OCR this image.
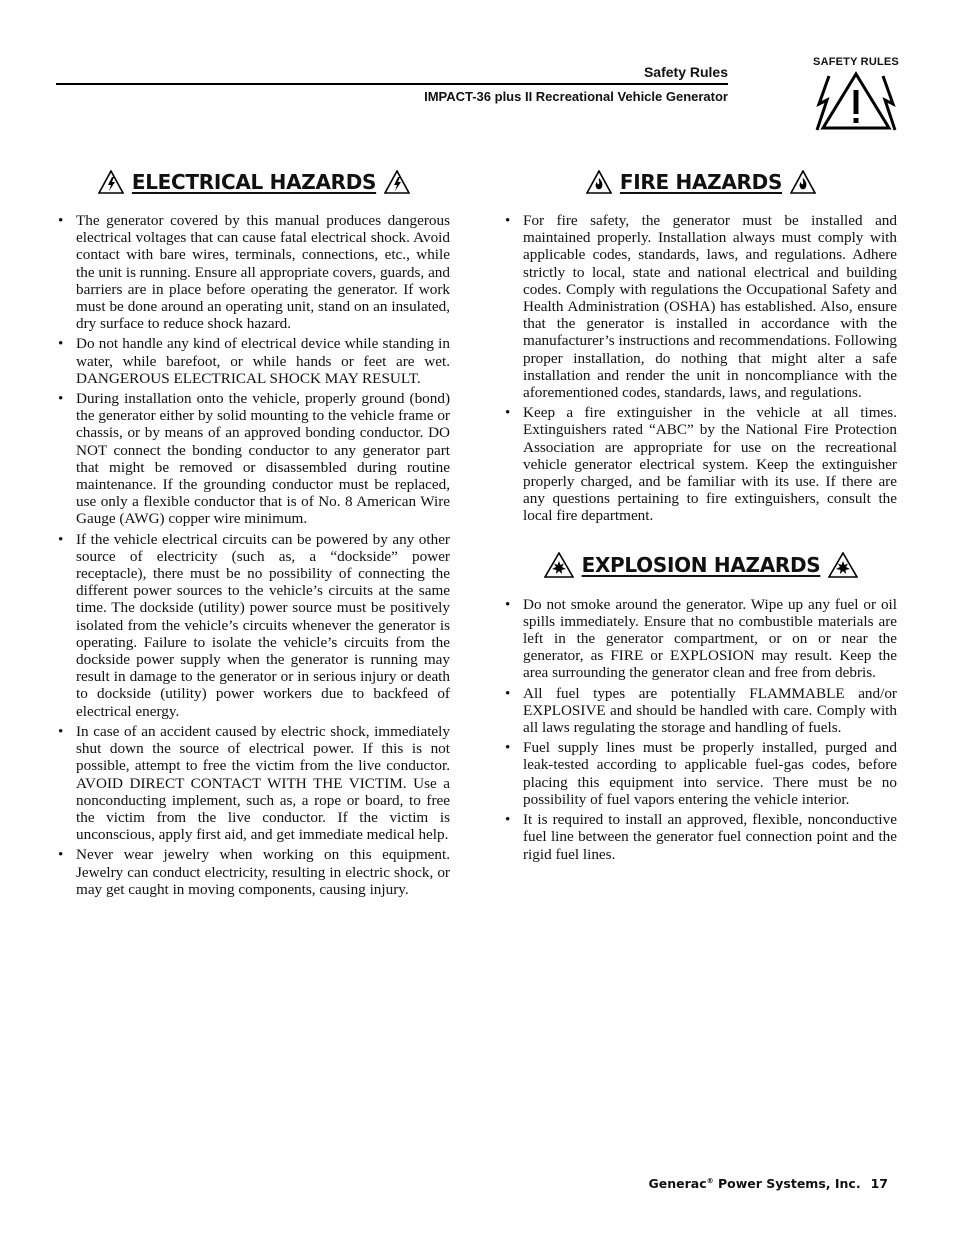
Safety Rules
IMPACT-36 plus II Recreational Vehicle Generator
SAFETY RULES
ELECTRICAL HAZARDS
• The generator covered by this manual produces dangerous electrical voltages that can cause fatal electrical shock. Avoid contact with bare wires, terminals, connections, etc., while the unit is running. Ensure all appropriate covers, guards, and barriers are in place before operating the generator. If work must be done around an operating unit, stand on an insulated, dry surface to reduce shock hazard.
• Do not handle any kind of electrical device while standing in water, while barefoot, or while hands or feet are wet. DANGEROUS ELECTRICAL SHOCK MAY RESULT.
• During installation onto the vehicle, properly ground (bond) the generator either by solid mounting to the vehicle frame or chassis, or by means of an approved bonding conductor. DO NOT connect the bonding conductor to any generator part that might be removed or disassembled during routine maintenance. If the grounding conductor must be replaced, use only a flexible conductor that is of No. 8 American Wire Gauge (AWG) copper wire minimum.
• If the vehicle electrical circuits can be powered by any other source of electricity (such as, a “dockside” power receptacle), there must be no possibility of connecting the different power sources to the vehicle’s circuits at the same time. The dockside (utility) power source must be positively isolated from the vehicle’s circuits whenever the generator is operating. Failure to isolate the vehicle’s circuits from the dockside power supply when the generator is running may result in damage to the generator or in serious injury or death to dockside (utility) power workers due to backfeed of electrical energy.
• In case of an accident caused by electric shock, immediately shut down the source of electrical power. If this is not possible, attempt to free the victim from the live conductor. AVOID DIRECT CONTACT WITH THE VICTIM. Use a nonconducting implement, such as, a rope or board, to free the victim from the live conductor. If the victim is unconscious, apply first aid, and get immediate medical help.
• Never wear jewelry when working on this equipment. Jewelry can conduct electricity, resulting in electric shock, or may get caught in moving components, causing injury.
FIRE HAZARDS
• For fire safety, the generator must be installed and maintained properly. Installation always must comply with applicable codes, standards, laws, and regulations. Adhere strictly to local, state and national electrical and building codes. Comply with regulations the Occupational Safety and Health Administration (OSHA) has established. Also, ensure that the generator is installed in accordance with the manufacturer’s instructions and recommendations. Following proper installation, do nothing that might alter a safe installation and render the unit in noncompliance with the aforementioned codes, standards, laws, and regulations.
• Keep a fire extinguisher in the vehicle at all times. Extinguishers rated “ABC” by the National Fire Protection Association are appropriate for use on the recreational vehicle generator electrical system. Keep the extinguisher properly charged, and be familiar with its use. If there are any questions pertaining to fire extinguishers, consult the local fire department.
EXPLOSION HAZARDS
• Do not smoke around the generator. Wipe up any fuel or oil spills immediately. Ensure that no combustible materials are left in the generator compartment, or on or near the generator, as FIRE or EXPLOSION may result. Keep the area surrounding the generator clean and free from debris.
• All fuel types are potentially FLAMMABLE and/or EXPLOSIVE and should be handled with care. Comply with all laws regulating the storage and handling of fuels.
• Fuel supply lines must be properly installed, purged and leak-tested according to applicable fuel-gas codes, before placing this equipment into service. There must be no possibility of fuel vapors entering the vehicle interior.
• It is required to install an approved, flexible, nonconductive fuel line between the generator fuel connection point and the rigid fuel lines.
Generac® Power Systems, Inc. 17
